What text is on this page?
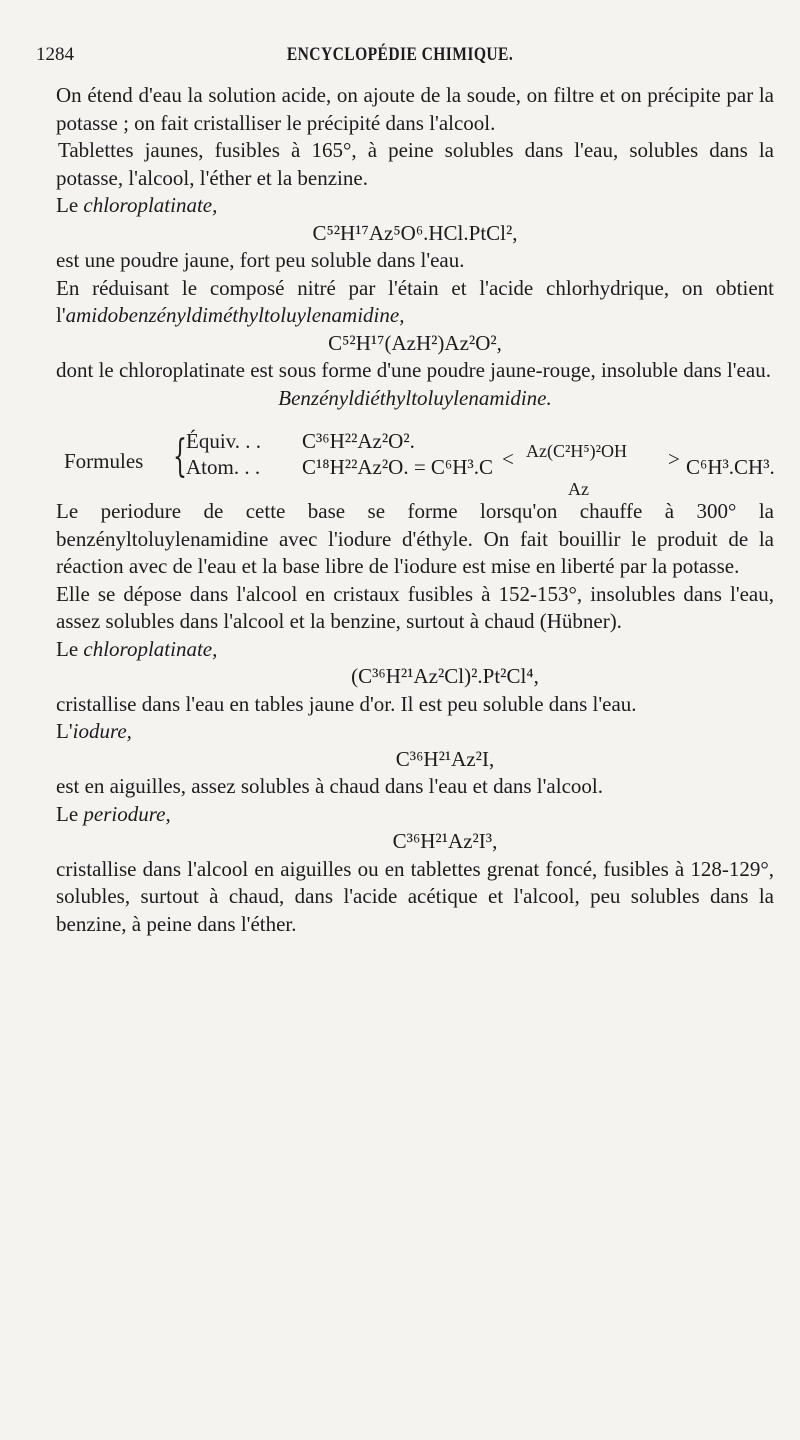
1284	ENCYCLOPÉDIE CHIMIQUE.

On étend d'eau la solution acide, on ajoute de la soude, on filtre et on précipite par la potasse ; on fait cristalliser le précipité dans l'alcool.

Tablettes jaunes, fusibles à 165°, à peine solubles dans l'eau, solubles dans la potasse, l'alcool, l'éther et la benzine.

Le chloroplatinate,

C⁵²H¹⁷Az⁵O⁶.HCl.PtCl²,

est une poudre jaune, fort peu soluble dans l'eau.

En réduisant le composé nitré par l'étain et l'acide chlorhydrique, on obtient l'amidobenzényldiméthyltoluylenamidine,

C⁵²H¹⁷(AzH²)Az²O²,

dont le chloroplatinate est sous forme d'une poudre jaune-rouge, insoluble dans l'eau.

Benzényldiéthyltoluylenamidine.

Formules { Équiv. . . C³⁶H²²Az²O².
Atom. . . C¹⁸H²²Az²O. = C⁶H³.C < Az(C²H⁵)²OH
Az
> C⁶H³.CH³.

Le periodure de cette base se forme lorsqu'on chauffe à 300° la benzényltoluylenamidine avec l'iodure d'éthyle. On fait bouillir le produit de la réaction avec de l'eau et la base libre de l'iodure est mise en liberté par la potasse.

Elle se dépose dans l'alcool en cristaux fusibles à 152-153°, insolubles dans l'eau, assez solubles dans l'alcool et la benzine, surtout à chaud (Hübner).

Le chloroplatinate,

(C³⁶H²¹Az²Cl)².Pt²Cl⁴,

cristallise dans l'eau en tables jaune d'or. Il est peu soluble dans l'eau.

L'iodure,

C³⁶H²¹Az²I,

est en aiguilles, assez solubles à chaud dans l'eau et dans l'alcool.

Le periodure,

C³⁶H²¹Az²I³,

cristallise dans l'alcool en aiguilles ou en tablettes grenat foncé, fusibles à 128-129°, solubles, surtout à chaud, dans l'acide acétique et l'alcool, peu solubles dans la benzine, à peine dans l'éther.
